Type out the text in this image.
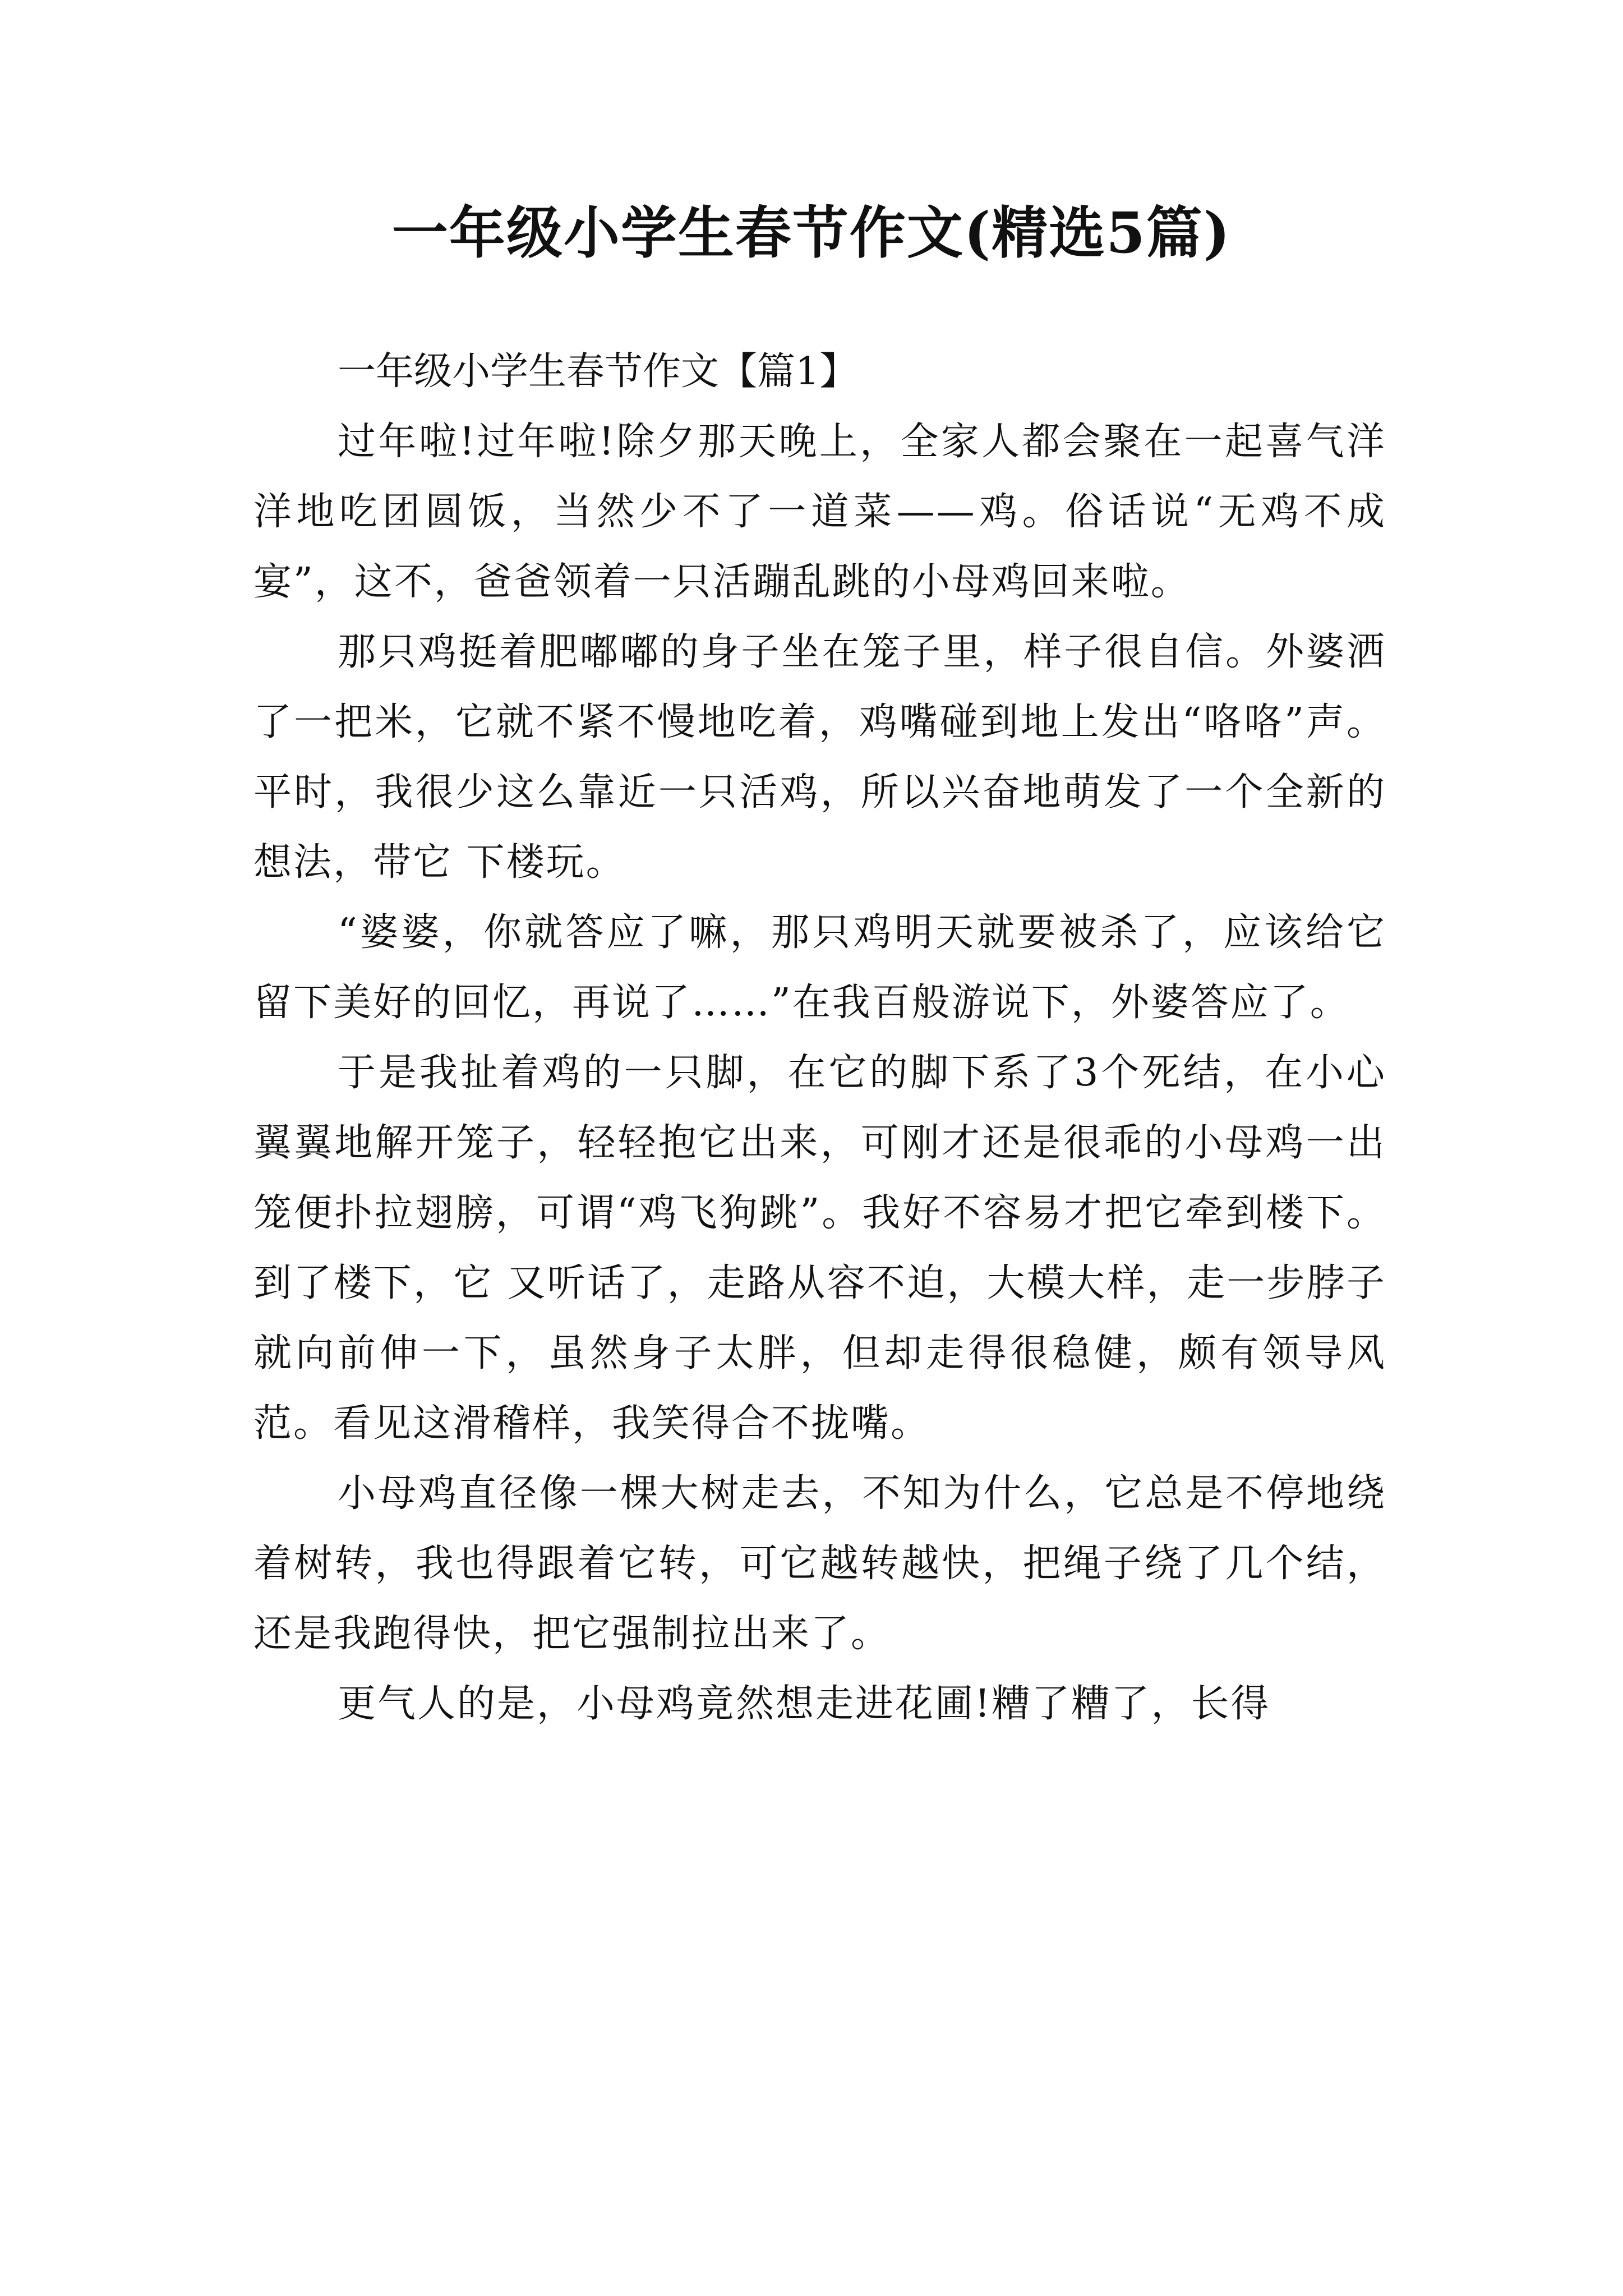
一年级小学生春节作文(精选5篇)
一年级小学生春节作文【篇1】

过年啦!过年啦!除夕那天晚上，全家人都会聚在一起喜气洋洋地吃团圆饭，当然少不了一道菜——鸡。俗话说“无鸡不成宴”，这不，爸爸领着一只活蹦乱跳的小母鸡回来啦。

那只鸡挺着肥嘟嘟的身子坐在笼子里，样子很自信。外婆洒了一把米，它就不紧不慢地吃着，鸡嘴碰到地上发出“咯咯”声。平时，我很少这么靠近一只活鸡，所以兴奋地萌发了一个全新的想法，带它 下楼玩。

“婆婆，你就答应了嘛，那只鸡明天就要被杀了，应该给它留下美好的回忆，再说了……”在我百般游说下，外婆答应了。

于是我扯着鸡的一只脚，在它的脚下系了3个死结，在小心翼翼地解开笼子，轻轻抱它出来，可刚才还是很乖的小母鸡一出笼便扑拉翅膀，可谓“鸡飞狗跳”。我好不容易才把它牵到楼下。到了楼下，它 又听话了，走路从容不迫，大模大样，走一步脖子就向前伸一下，虽然身子太胖，但却走得很稳健，颇有领导风范。看见这滑稽样，我笑得合不拢嘴。

小母鸡直径像一棵大树走去，不知为什么，它总是不停地绕着树转，我也得跟着它转，可它越转越快，把绳子绕了几个结，还是我跑得快，把它强制拉出来了。

更气人的是，小母鸡竟然想走进花圃!糟了糟了，长得
